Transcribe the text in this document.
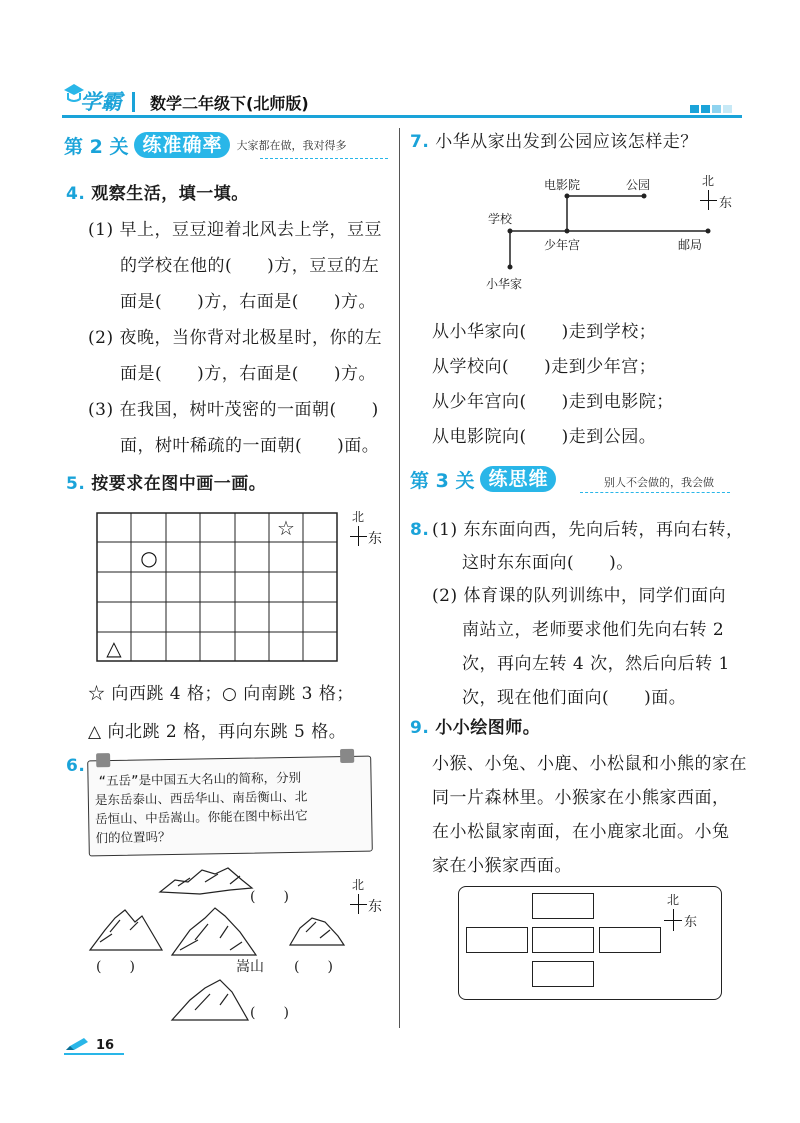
学霸 数学二年级下(北师版)
第 2 关 练准确率	大家都在做，我对得多
4. 观察生活，填一填。
(1) 早上，豆豆迎着北风去上学，豆豆
的学校在他的(　　)方，豆豆的左
面是(　　)方，右面是(　　)方。
(2) 夜晚，当你背对北极星时，你的左
面是(　　)方，右面是(　　)方。
(3) 在我国，树叶茂密的一面朝(　　)
面，树叶稀疏的一面朝(　　)面。
5. 按要求在图中画一画。
☆
○
△
北
东
☆ 向西跳 4 格；○ 向南跳 3 格；
△ 向北跳 2 格，再向东跳 5 格。
6.
“五岳”是中国五大名山的简称，分别
是东岳泰山、西岳华山、南岳衡山、北
岳恒山、中岳嵩山。你能在图中标出它
们的位置吗？
(　　)
(　　)	嵩山 (　　)
(　　)
北
东
7. 小华从家出发到公园应该怎样走？
电影院	公园
学校
少年宫	邮局
小华家
北
东
从小华家向(　　)走到学校；
从学校向(　　)走到少年宫；
从少年宫向(　　)走到电影院；
从电影院向(　　)走到公园。
第 3 关 练思维	别人不会做的，我会做
8. (1) 东东面向西，先向后转，再向右转，
这时东东面向(　　)。
(2) 体育课的队列训练中，同学们面向
南站立，老师要求他们先向右转 2
次，再向左转 4 次，然后向后转 1
次，现在他们面向(　　)面。
9. 小小绘图师。
小猴、小兔、小鹿、小松鼠和小熊的家在
同一片森林里。小猴家在小熊家西面，
在小松鼠家南面，在小鹿家北面。小兔
家在小猴家西面。
北
东
16
